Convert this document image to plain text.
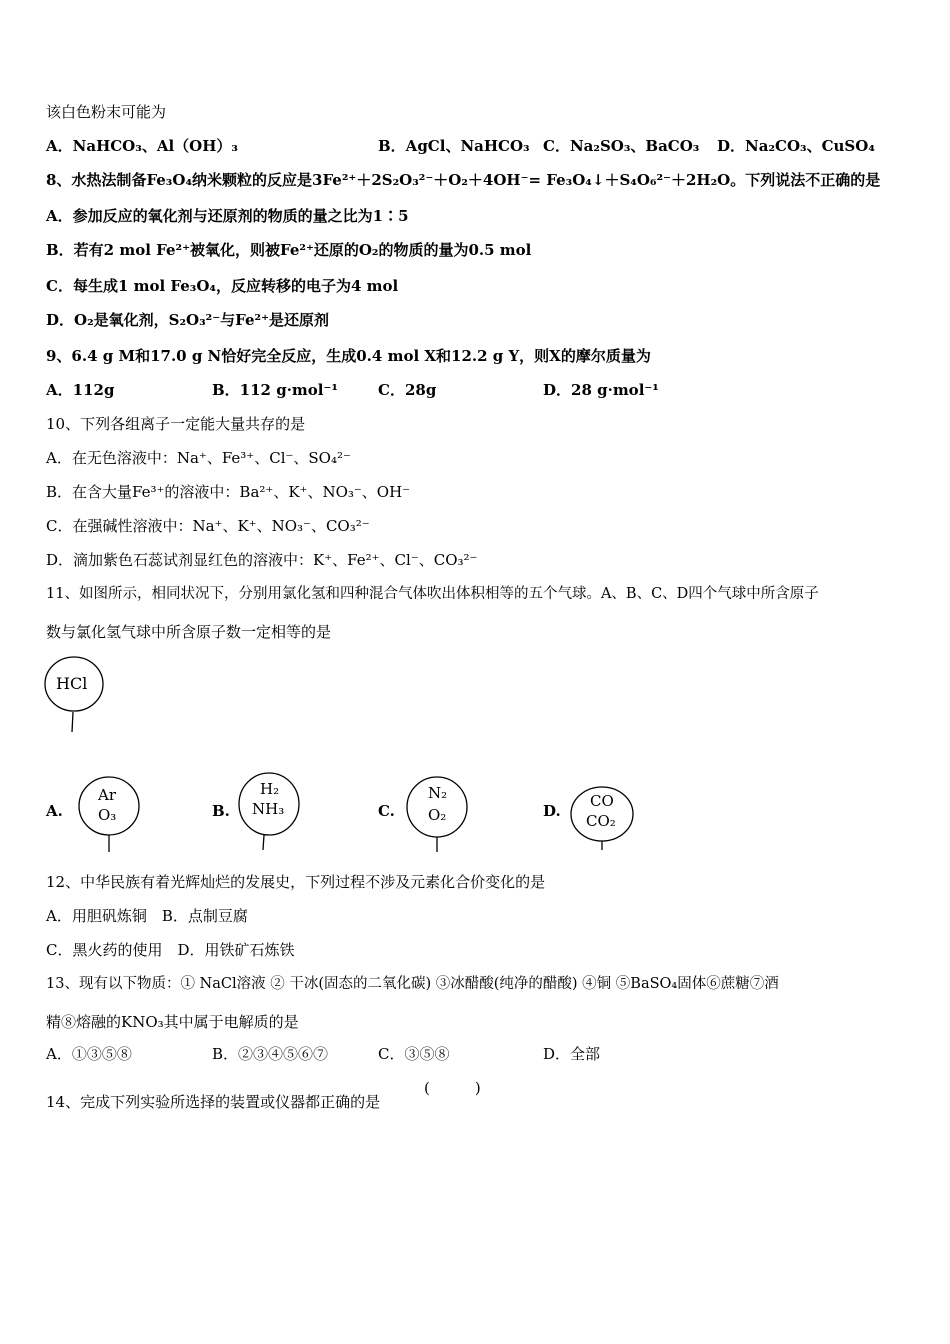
该白色粉末可能为
A．NaHCO₃、Al（OH）₃	B．AgCl、NaHCO₃ C．Na₂SO₃、BaCO₃ D．Na₂CO₃、CuSO₄
8、水热法制备Fe₃O₄纳米颗粒的反应是3Fe²⁺＋2S₂O₃²⁻＋O₂＋4OH⁻= Fe₃O₄↓＋S₄O₆²⁻＋2H₂O。下列说法不正确的是
A．参加反应的氧化剂与还原剂的物质的量之比为1∶5
B．若有2 mol Fe²⁺被氧化，则被Fe²⁺还原的O₂的物质的量为0.5 mol
C．每生成1 mol Fe₃O₄，反应转移的电子为4 mol
D．O₂是氧化剂，S₂O₃²⁻与Fe²⁺是还原剂
9、6.4 g M和17.0 g N恰好完全反应，生成0.4 mol X和12.2 g Y，则X的摩尔质量为
A．112g	B．112 g·mol⁻¹	C．28g	D．28 g·mol⁻¹
10、下列各组离子一定能大量共存的是
A．在无色溶液中：Na⁺、Fe³⁺、Cl⁻、SO₄²⁻
B．在含大量Fe³⁺的溶液中：Ba²⁺、K⁺、NO₃⁻、OH⁻
C．在强碱性溶液中：Na⁺、K⁺、NO₃⁻、CO₃²⁻
D．滴加紫色石蕊试剂显红色的溶液中：K⁺、Fe²⁺、Cl⁻、CO₃²⁻
11、如图所示，相同状况下，分别用氯化氢和四种混合气体吹出体积相等的五个气球。A、B、C、D四个气球中所含原子
数与氯化氢气球中所含原子数一定相等的是
HCl
A.
Ar
O₃	B.
H₂
NH₃	C.
N₂
O₂	D.
CO
CO₂
12、中华民族有着光辉灿烂的发展史，下列过程不涉及元素化合价变化的是
A．用胆矾炼铜　B．点制豆腐
C．黑火药的使用　D．用铁矿石炼铁
13、现有以下物质：① NaCl溶液 ② 干冰(固态的二氧化碳) ③冰醋酸(纯净的醋酸) ④铜 ⑤BaSO₄固体⑥蔗糖⑦酒
精⑧熔融的KNO₃其中属于电解质的是
A．①③⑤⑧	B．②③④⑤⑥⑦	C．③⑤⑧	D．全部
14、完成下列实验所选择的装置或仪器都正确的是
(　　　)
